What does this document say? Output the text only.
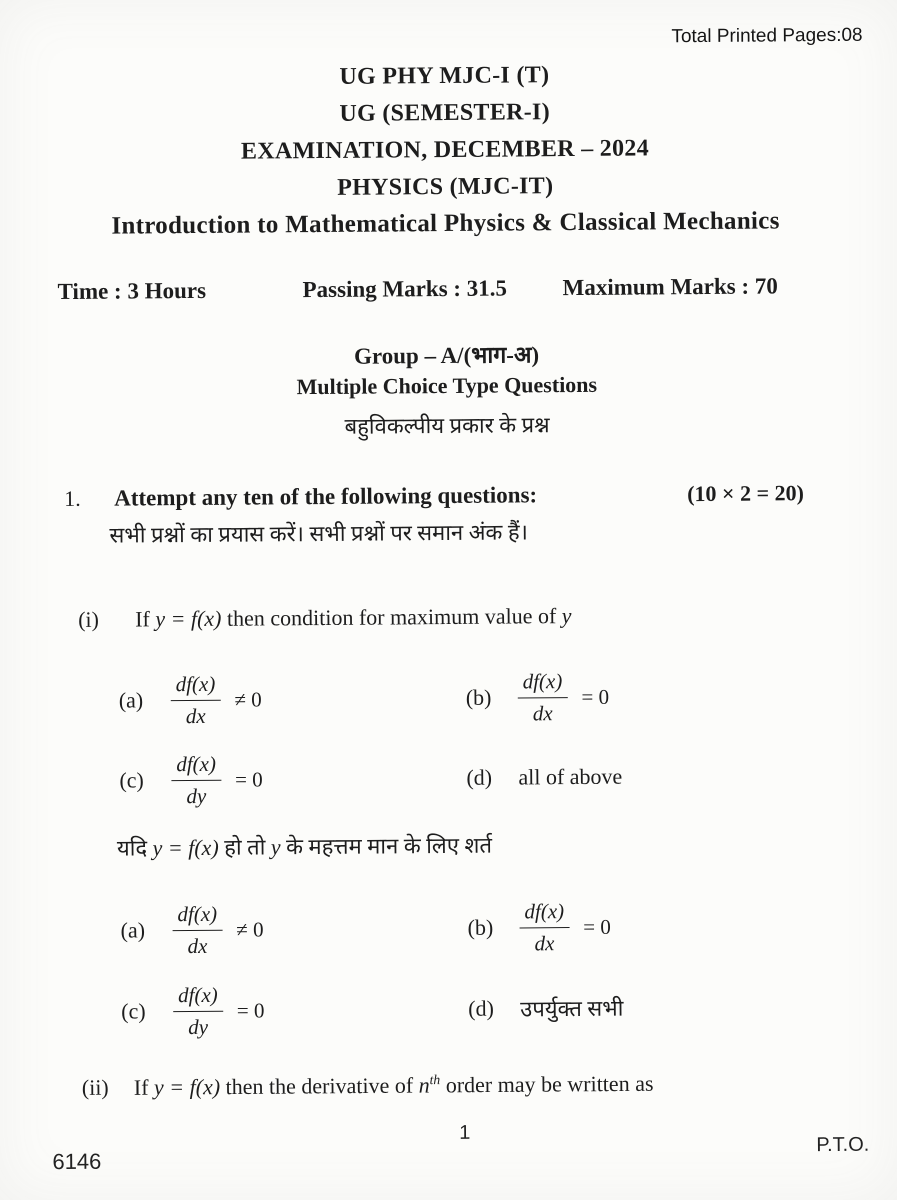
Total Printed Pages:08
UG PHY MJC-I (T)
UG (SEMESTER-I)
EXAMINATION, DECEMBER – 2024
PHYSICS (MJC-IT)
Introduction to Mathematical Physics & Classical Mechanics
Time : 3 Hours	Passing Marks : 31.5 Maximum Marks : 70
Group – A/(भाग-अ)
Multiple Choice Type Questions
बहुविकल्पीय प्रकार के प्रश्न
1. Attempt any ten of the following questions:	(10 × 2 = 20)
सभी प्रश्नों का प्रयास करें। सभी प्रश्नों पर समान अंक हैं।
(i) If y = f(x) then condition for maximum value of y
(a)	$\frac{df(x)}{dx} \ne 0$	(b)	$\frac{df(x)}{dx} = 0$
(c)	$\frac{df(x)}{dy} = 0$	(d)	all of above
यदि y = f(x) हो तो y के महत्तम मान के लिए शर्त
(a)	$\frac{df(x)}{dx} \ne 0$	(b)	$\frac{df(x)}{dx} = 0$
(c)	$\frac{df(x)}{dy} = 0$	(d)	उपर्युक्त सभी
(ii) If y = f(x) then the derivative of $n^{th}$ order may be written as
1
P.T.O.
6146
